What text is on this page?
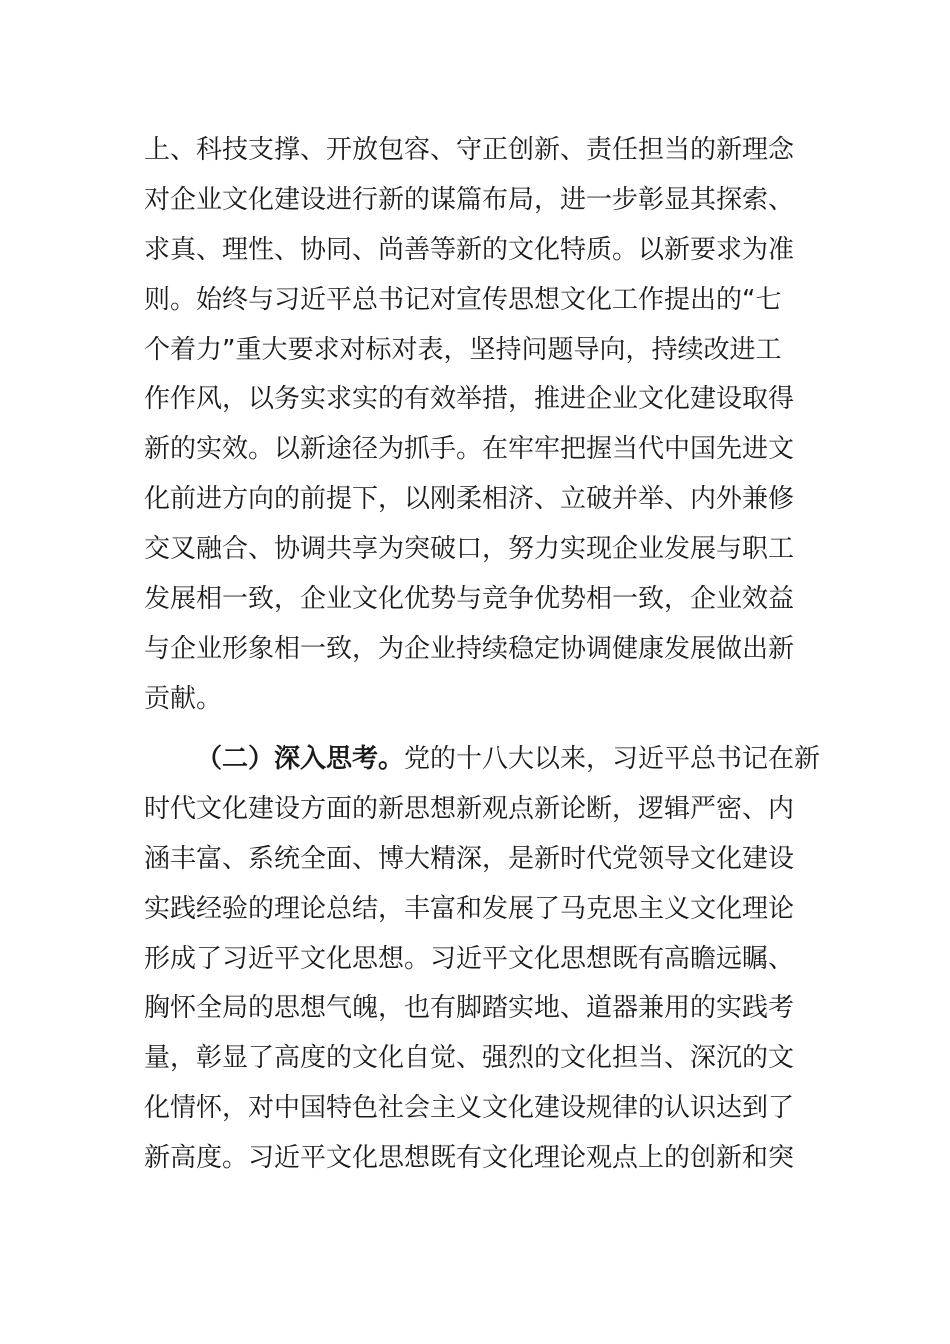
上、科技支撑、开放包容、守正创新、责任担当的新理念
对企业文化建设进行新的谋篇布局，进一步彰显其探索、
求真、理性、协同、尚善等新的文化特质。以新要求为准
则。始终与习近平总书记对宣传思想文化工作提出的“七
个着力”重大要求对标对表，坚持问题导向，持续改进工
作作风，以务实求实的有效举措，推进企业文化建设取得
新的实效。以新途径为抓手。在牢牢把握当代中国先进文
化前进方向的前提下，以刚柔相济、立破并举、内外兼修
交叉融合、协调共享为突破口，努力实现企业发展与职工
发展相一致，企业文化优势与竞争优势相一致，企业效益
与企业形象相一致，为企业持续稳定协调健康发展做出新
贡献。
（二）深入思考。党的十八大以来，习近平总书记在新
时代文化建设方面的新思想新观点新论断，逻辑严密、内
涵丰富、系统全面、博大精深，是新时代党领导文化建设
实践经验的理论总结，丰富和发展了马克思主义文化理论
形成了习近平文化思想。习近平文化思想既有高瞻远瞩、
胸怀全局的思想气魄，也有脚踏实地、道器兼用的实践考
量，彰显了高度的文化自觉、强烈的文化担当、深沉的文
化情怀，对中国特色社会主义文化建设规律的认识达到了
新高度。习近平文化思想既有文化理论观点上的创新和突
